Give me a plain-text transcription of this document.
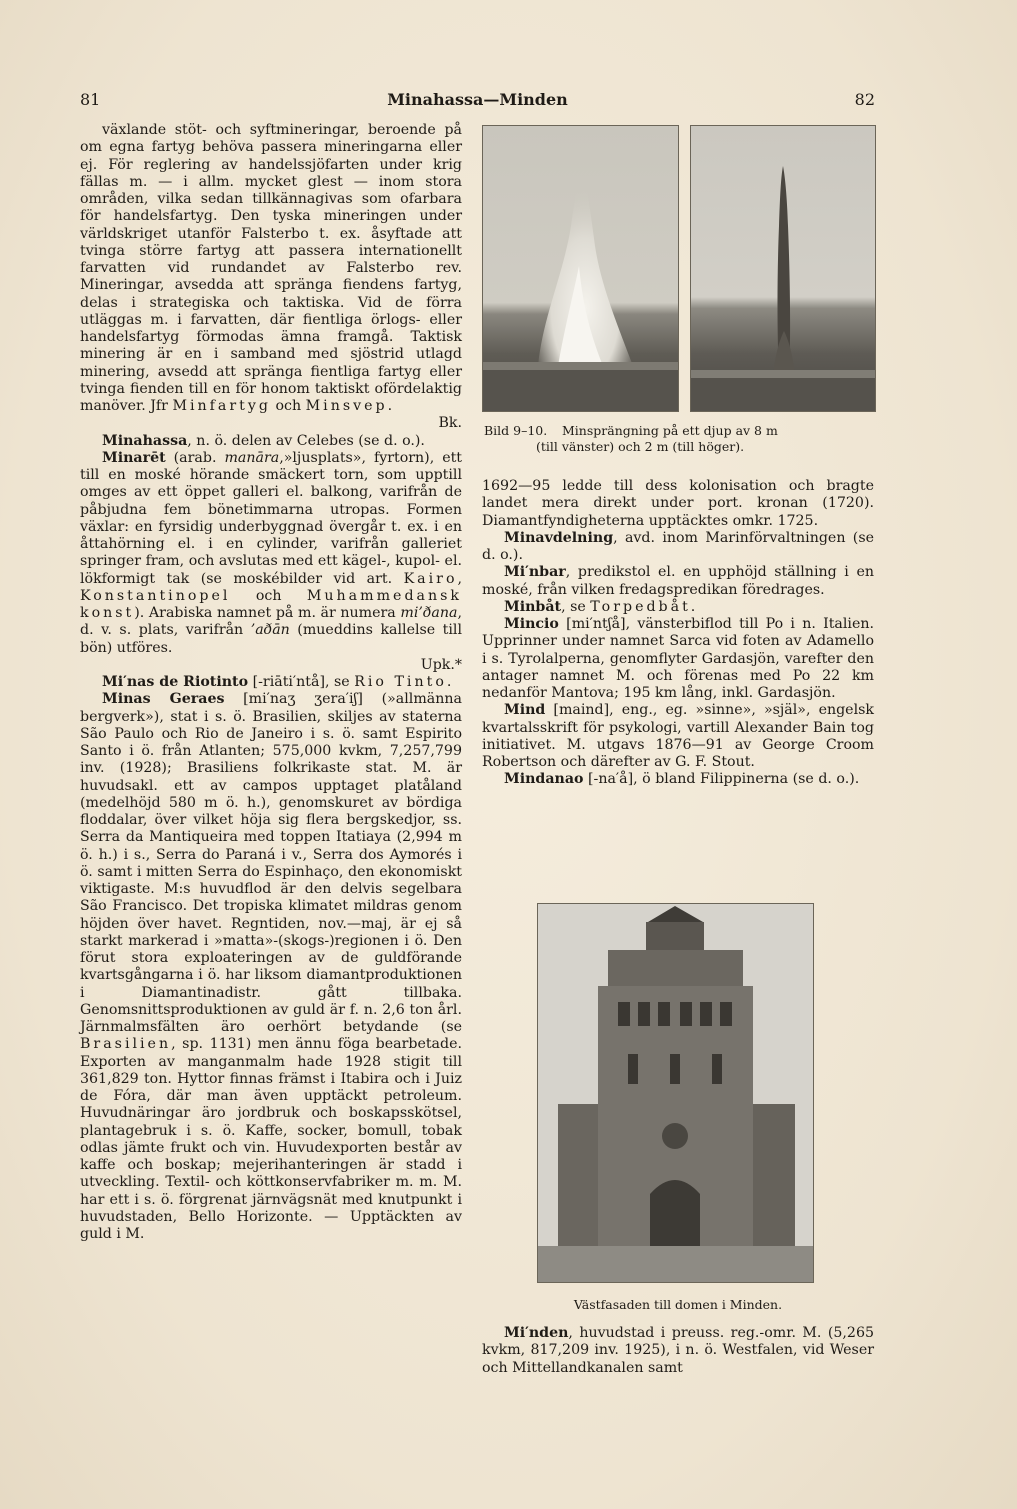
81	Minahassa—Minden	82

växlande stöt- och syftmineringar, beroende på om egna fartyg behöva passera mineringarna eller ej. För reglering av handelssjöfarten under krig fällas m. — i allm. mycket glest — inom stora områden, vilka sedan tillkännagivas som ofarbara för handelsfartyg. Den tyska mineringen under världskriget utanför Falsterbo t. ex. åsyftade att tvinga större fartyg att passera internationellt farvatten vid rundandet av Falsterbo rev. Mineringar, avsedda att spränga fiendens fartyg, delas i strategiska och taktiska. Vid de förra utläggas m. i farvatten, där fientliga örlogs- eller handelsfartyg förmodas ämna framgå. Taktisk minering är en i samband med sjöstrid utlagd minering, avsedd att spränga fientliga fartyg eller tvinga fienden till en för honom taktiskt ofördelaktig manöver. Jfr Minfartyg och Minsvep.
Bk.

Minahassa, n. ö. delen av Celebes (se d. o.).

Minarēt (arab. manāra,»ljusplats», fyrtorn), ett till en moské hörande smäckert torn, som upptill omges av ett öppet galleri el. balkong, varifrån de påbjudna fem bönetimmarna utropas. Formen växlar: en fyrsidig underbyggnad övergår t. ex. i en åttahörning el. i en cylinder, varifrån galleriet springer fram, och avslutas med ett kägel-, kupol- el. lökformigt tak (se moskébilder vid art. Kairo, Konstantinopel och Muhammedansk konst). Arabiska namnet på m. är numera mi’ðana, d. v. s. plats, varifrån ’aðān (mueddins kallelse till bön) utföres.
Upk.*

Mi′nas de Riotinto [-riāti′ntå], se Rio Tinto.

Minas Geraes [mi′naʒ ʒera′iʃ] (»allmänna bergverk»), stat i s. ö. Brasilien, skiljes av staterna São Paulo och Rio de Janeiro i s. ö. samt Espirito Santo i ö. från Atlanten; 575,000 kvkm, 7,257,799 inv. (1928); Brasiliens folkrikaste stat. M. är huvudsakl. ett av campos upptaget platåland (medelhöjd 580 m ö. h.), genomskuret av bördiga floddalar, över vilket höja sig flera bergskedjor, ss. Serra da Mantiqueira med toppen Itatiaya (2,994 m ö. h.) i s., Serra do Paraná i v., Serra dos Aymorés i ö. samt i mitten Serra do Espinhaço, den ekonomiskt viktigaste. M:s huvudflod är den delvis segelbara São Francisco. Det tropiska klimatet mildras genom höjden över havet. Regntiden, nov.—maj, är ej så starkt markerad i »matta»-(skogs-)regionen i ö. Den förut stora exploateringen av de guldförande kvartsgångarna i ö. har liksom diamantproduktionen i Diamantinadistr. gått tillbaka. Genomsnittsproduktionen av guld är f. n. 2,6 ton årl. Järnmalmsfälten äro oerhört betydande (se Brasilien, sp. 1131) men ännu föga bearbetade. Exporten av manganmalm hade 1928 stigit till 361,829 ton. Hyttor finnas främst i Itabira och i Juiz de Fóra, där man även upptäckt petroleum. Huvudnäringar äro jordbruk och boskapsskötsel, plantagebruk i s. ö. Kaffe, socker, bomull, tobak odlas jämte frukt och vin. Huvudexporten består av kaffe och boskap; mejerihanteringen är stadd i utveckling. Textil- och köttkonservfabriker m. m. M. har ett i s. ö. förgrenat järnvägsnät med knutpunkt i huvudstaden, Bello Horizonte. — Upptäckten av guld i M.

Bild 9–10. Minsprängning på ett djup av 8 m
(till vänster) och 2 m (till höger).

1692—95 ledde till dess kolonisation och bragte landet mera direkt under port. kronan (1720). Diamantfyndigheterna upptäcktes omkr. 1725.

Minavdelning, avd. inom Marinförvaltningen (se d. o.).

Mi′nbar, predikstol el. en upphöjd ställning i en moské, från vilken fredagspredikan föredrages.

Minbåt, se Torpedbåt.

Mincio [mi′ntʃå], vänsterbiflod till Po i n. Italien. Upprinner under namnet Sarca vid foten av Adamello i s. Tyrolalperna, genomflyter Gardasjön, varefter den antager namnet M. och förenas med Po 22 km nedanför Mantova; 195 km lång, inkl. Gardasjön.

Mind [mai̇nd], eng., eg. »sinne», »själ», engelsk kvartalsskrift för psykologi, vartill Alexander Bain tog initiativet. M. utgavs 1876—91 av George Croom Robertson och därefter av G. F. Stout.

Mindanao [-na′å], ö bland Filippinerna (se d. o.).

Västfasaden till domen i Minden.

Mi′nden, huvudstad i preuss. reg.-omr. M. (5,265 kvkm, 817,209 inv. 1925), i n. ö. Westfalen, vid Weser och Mittellandkanalen samt
